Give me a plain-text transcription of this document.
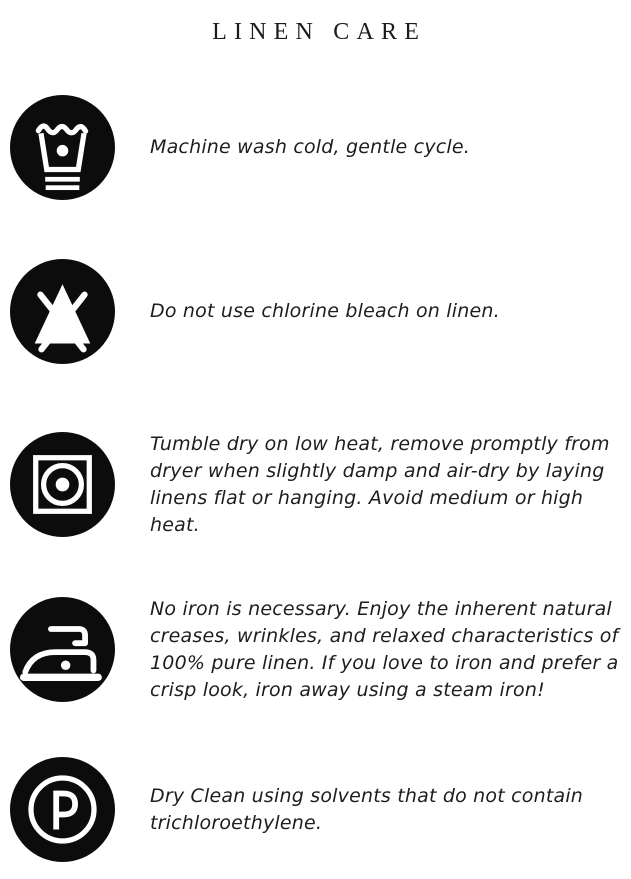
LINEN CARE

Machine wash cold, gentle cycle.

Do not use chlorine bleach on linen.

Tumble dry on low heat, remove promptly from dryer when slightly damp and air-dry by laying linens flat or hanging. Avoid medium or high heat.

No iron is necessary. Enjoy the inherent natural creases, wrinkles, and relaxed characteristics of 100% pure linen. If you love to iron and prefer a crisp look, iron away using a steam iron!

Dry Clean using solvents that do not contain trichloroethylene.
